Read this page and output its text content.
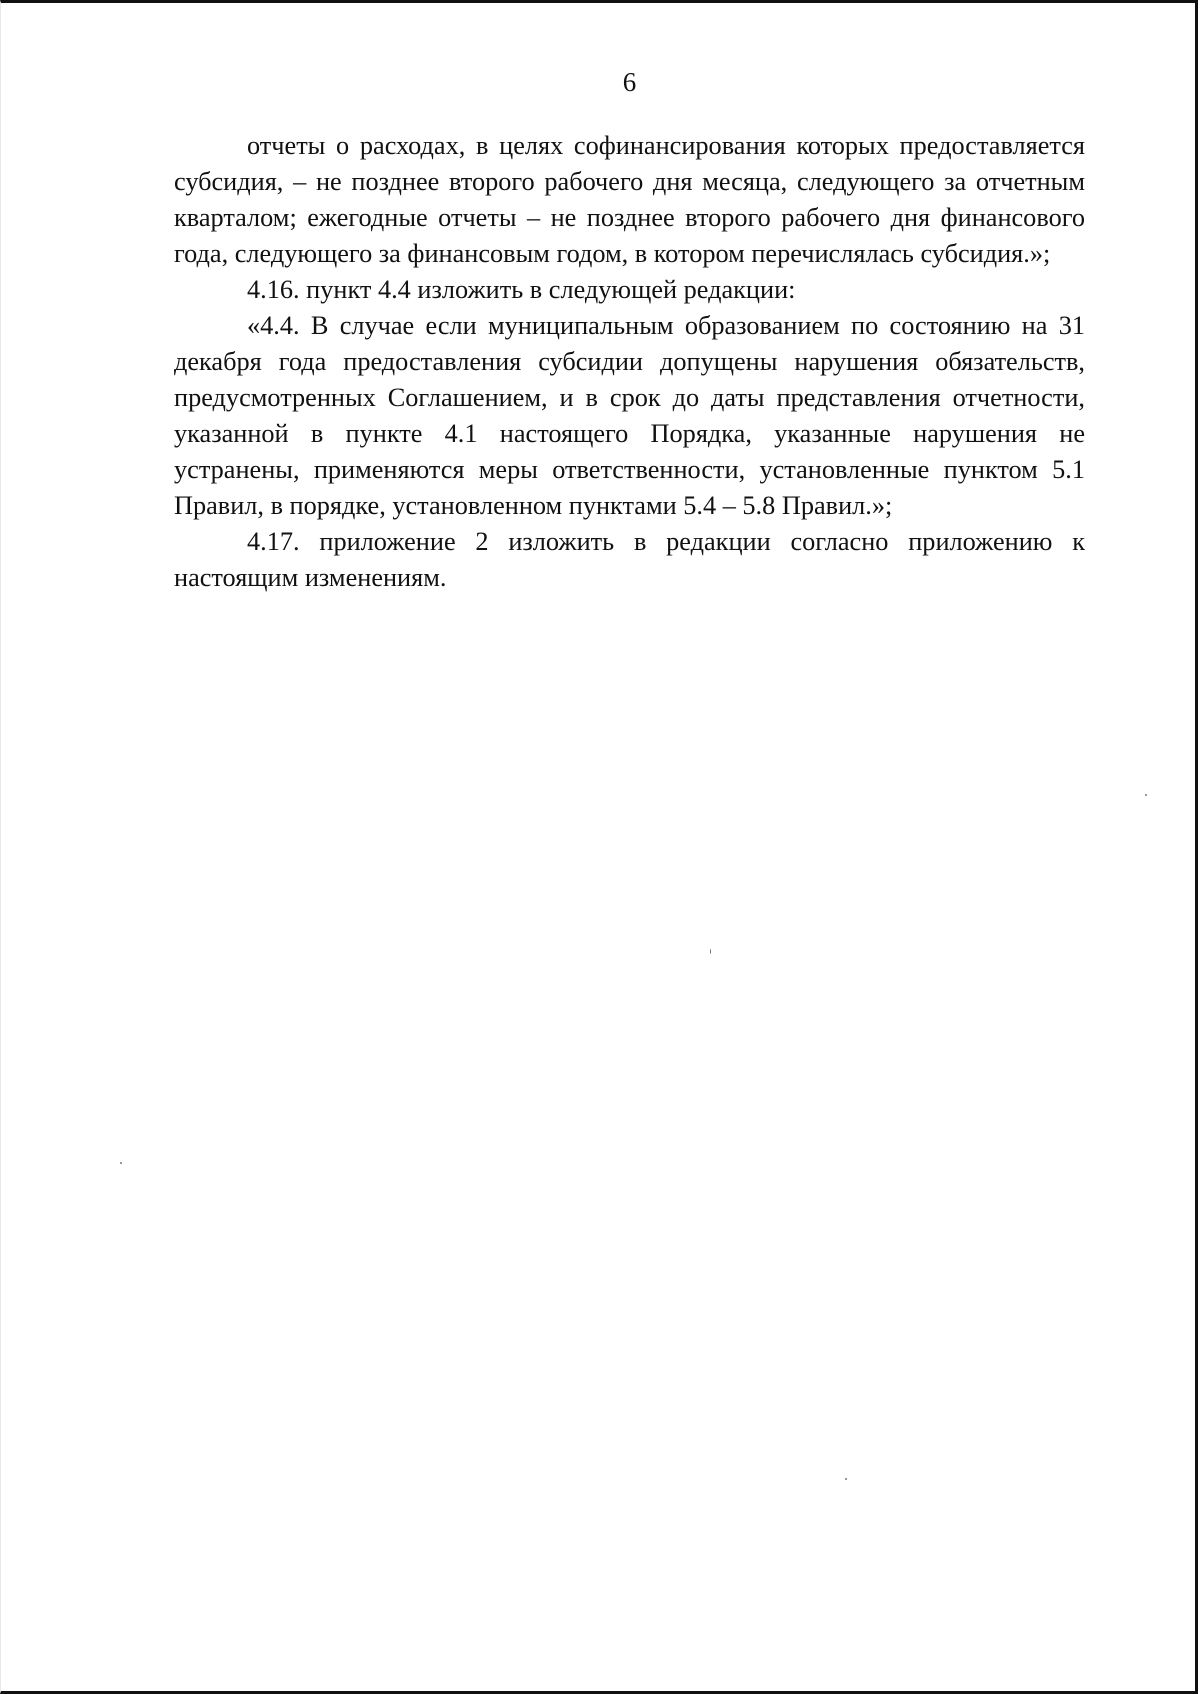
6

отчеты о расходах, в целях софинансирования которых предоставляется субсидия, – не позднее второго рабочего дня месяца, следующего за отчетным кварталом; ежегодные отчеты – не позднее второго рабочего дня финансового года, следующего за финансовым годом, в котором перечислялась субсидия.»;

4.16. пункт 4.4 изложить в следующей редакции:

«4.4. В случае если муниципальным образованием по состоянию на 31 декабря года предоставления субсидии допущены нарушения обязательств, предусмотренных Соглашением, и в срок до даты представления отчетности, указанной в пункте 4.1 настоящего Порядка, указанные нарушения не устранены, применяются меры ответственности, установленные пунктом 5.1 Правил, в порядке, установленном пунктами 5.4 – 5.8 Правил.»;

4.17. приложение 2 изложить в редакции согласно приложению к настоящим изменениям.
